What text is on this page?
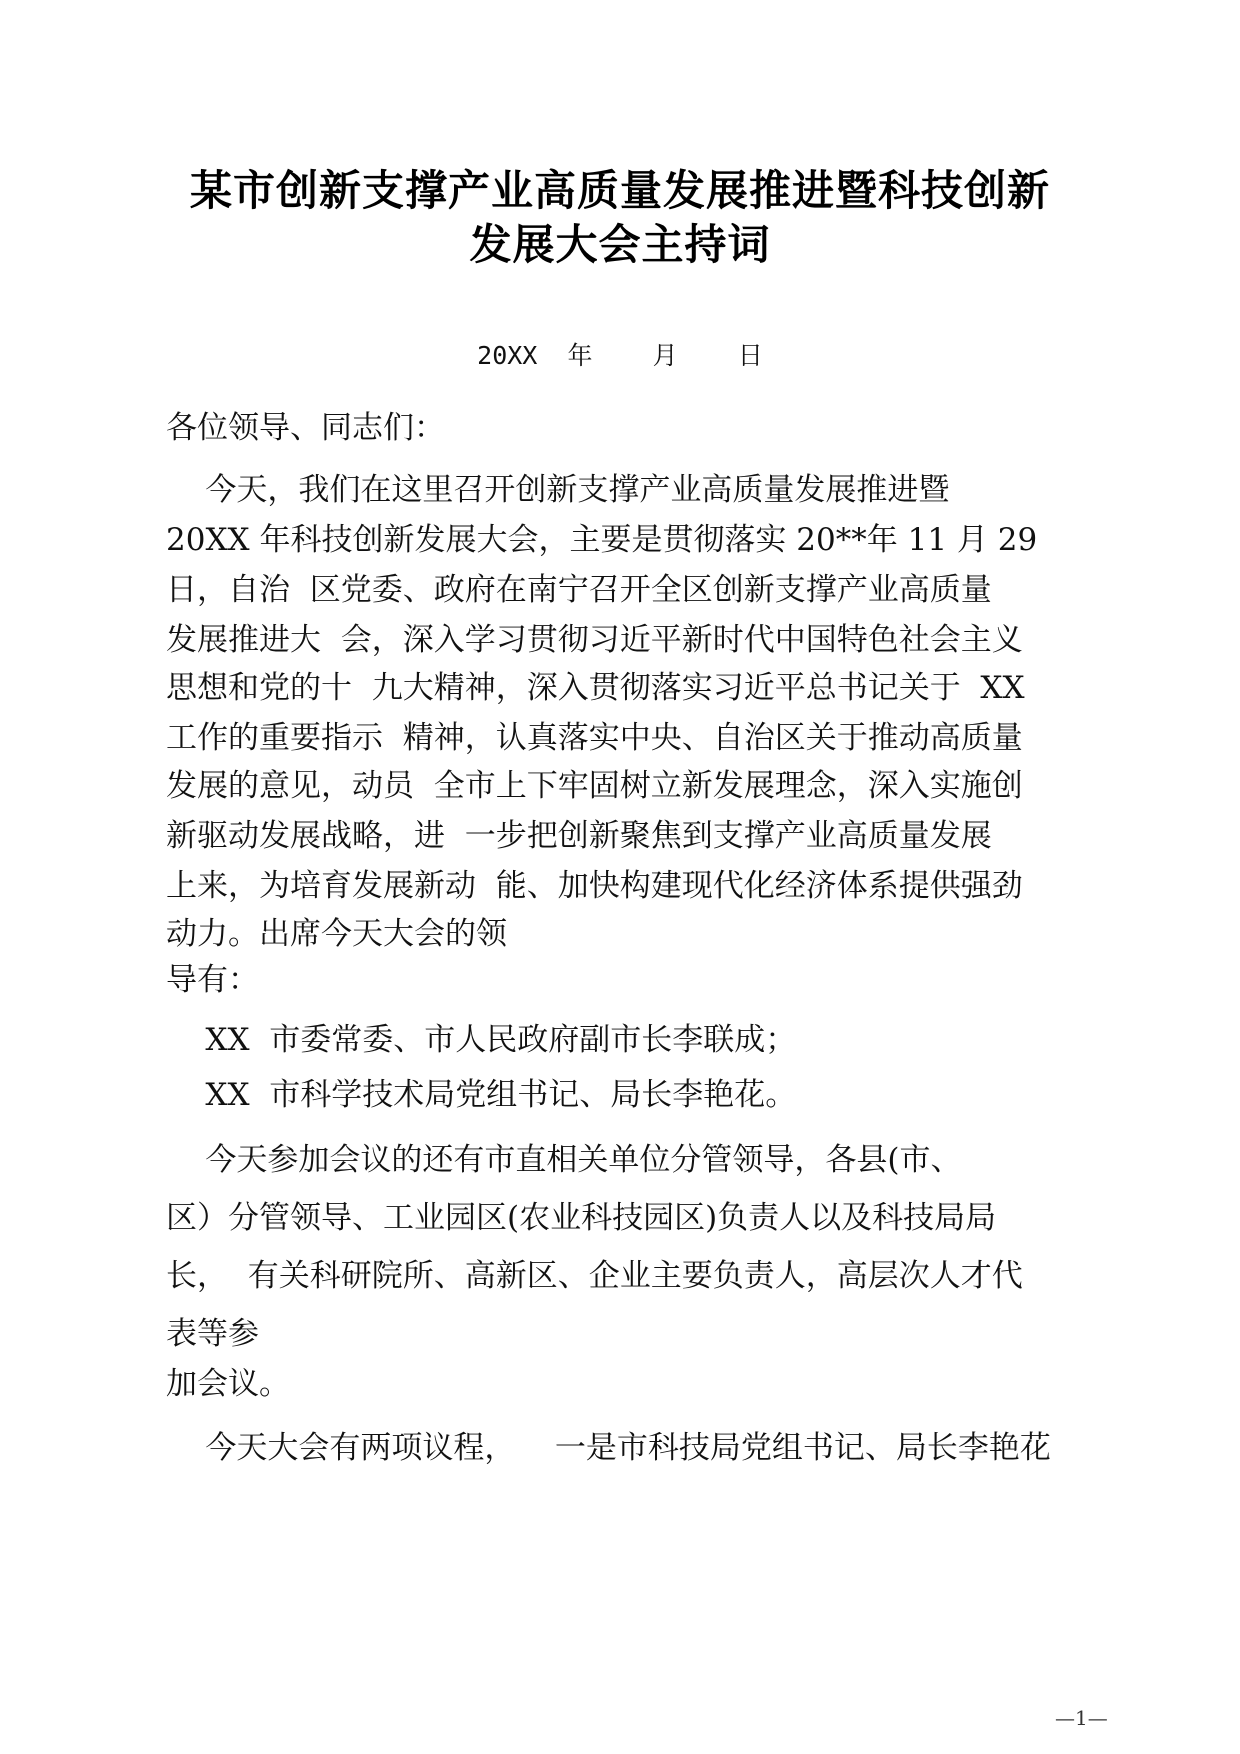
某市创新支撑产业高质量发展推进暨科技创新
发展大会主持词
20XX  年    月    日
各位领导、同志们：
今天，我们在这里召开创新支撑产业高质量发展推进暨
20XX 年科技创新发展大会，主要是贯彻落实 20**年 11 月 29
日，自治  区党委、政府在南宁召开全区创新支撑产业高质量
发展推进大  会，深入学习贯彻习近平新时代中国特色社会主义
思想和党的十  九大精神，深入贯彻落实习近平总书记关于  XX
工作的重要指示  精神，认真落实中央、自治区关于推动高质量
发展的意见，动员  全市上下牢固树立新发展理念，深入实施创
新驱动发展战略，进  一步把创新聚焦到支撑产业高质量发展
上来，为培育发展新动  能、加快构建现代化经济体系提供强劲
动力。出席今天大会的领
导有：
XX  市委常委、市人民政府副市长李联成；
XX  市科学技术局党组书记、局长李艳花。
今天参加会议的还有市直相关单位分管领导，各县(市、
区）分管领导、工业园区(农业科技园区)负责人以及科技局局
长，  有关科研院所、高新区、企业主要负责人，高层次人才代
表等参
加会议。
今天大会有两项议程，    一是市科技局党组书记、局长李艳花
—1—
